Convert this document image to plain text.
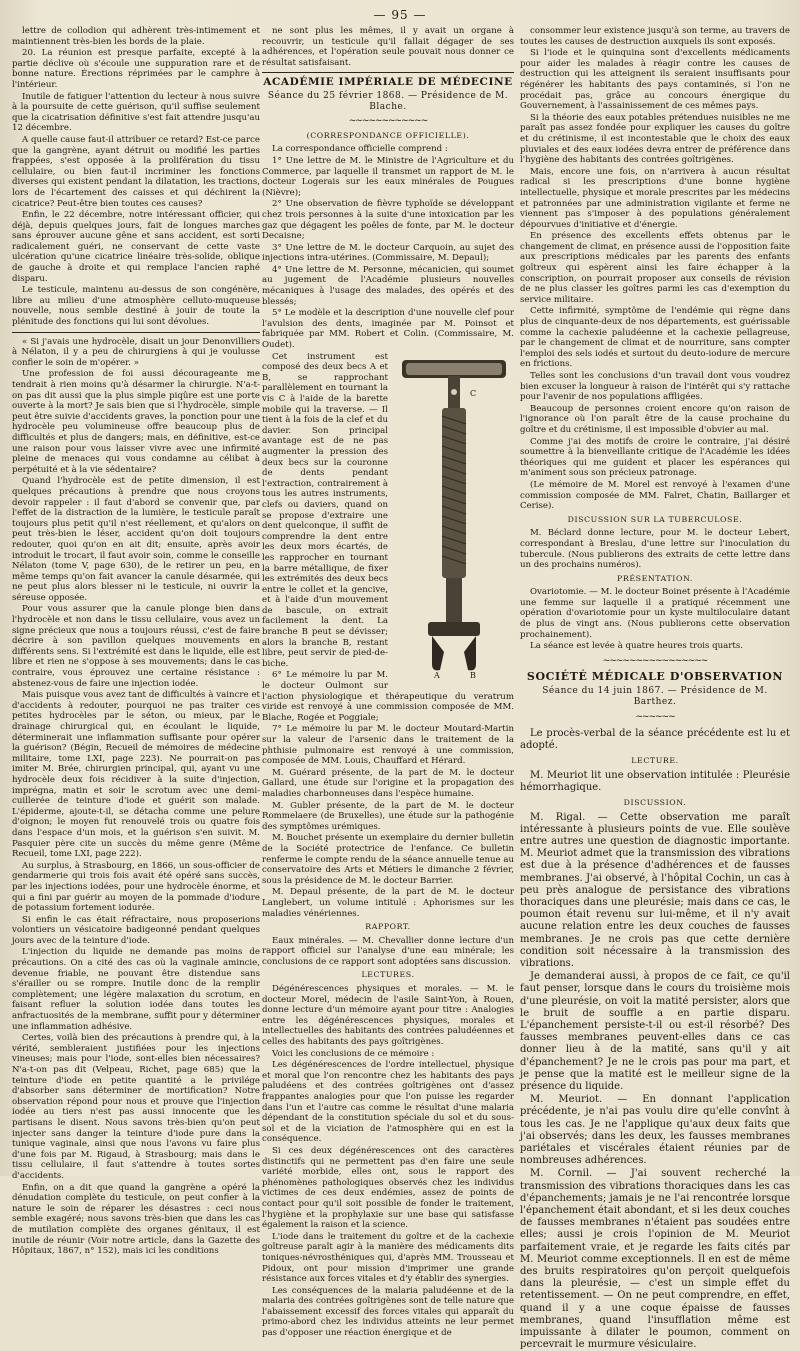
— 95 —

lettre de collodion qui adhèrent très-intimement et maintiennent très-bien les bords de la plaie.

20. La réunion est presque parfaite, excepté à la partie déclive où s'écoule une suppuration rare et de bonne nature. Érections réprimées par le camphre à l'intérieur.

Inutile de fatiguer l'attention du lecteur à nous suivre à la poursuite de cette guérison, qu'il suffise seulement que la cicatrisation définitive s'est fait attendre jusqu'au 12 décembre.

A quelle cause faut-il attribuer ce retard? Est-ce parce que la gangrène, ayant détruit ou modifié les parties frappées, s'est opposée à la prolifération du tissu cellulaire, ou bien faut-il incriminer les fonctions diverses qui existent pendant la dilatation, les tractions, lors de l'écartement des caisses et qui déchirent la cicatrice? Peut-être bien toutes ces causes?

Enfin, le 22 décembre, notre intéressant officier, qui déjà, depuis quelques jours, fait de longues marches sans éprouver aucune gêne et sans accident, est sorti radicalement guéri, ne conservant de cette vaste ulcération qu'une cicatrice linéaire très-solide, oblique de gauche à droite et qui remplace l'ancien raphé disparu.

Le testicule, maintenu au-dessus de son congénère, libre au milieu d'une atmosphère celluto-muqueuse nouvelle, nous semble destiné à jouir de toute la plénitude des fonctions qui lui sont dévolues.

« Si j'avais une hydrocèle, disait un jour Denonvilliers à Nélaton, il y a peu de chirurgiens à qui je voulusse confier le soin de m'opérer. »

Une profession de foi aussi décourageante me tendrait à rien moins qu'à désarmer la chirurgie. N'a-t-on pas dit aussi que la plus simple piqûre est une porte ouverte à la mort? Je sais bien que si l'hydrocèle, simple peut être suivie d'accidents graves, la ponction pour une hydrocèle peu volumineuse offre beaucoup plus de difficultés et plus de dangers; mais, en définitive, est-ce une raison pour vous laisser vivre avec une infirmité pleine de menaces qui vous condamne au célibat à perpétuité et à la vie sédentaire?

Quand l'hydrocèle est de petite dimension, il est quelques précautions à prendre que nous croyons devoir rappeler : il faut d'abord se convenir que, par l'effet de la distraction de la lumière, le testicule paraît toujours plus petit qu'il n'est réellement, et qu'alors on peut très-bien le léser, accident qu'on doit toujours redouter, quoi qu'on en ait dit; ensuite, après avoir introduit le trocart, il faut avoir soin, comme le conseille Nélaton (tome V, page 630), de le retirer un peu, en même temps qu'on fait avancer la canule désarmée, qui ne peut plus alors blesser ni le testicule, ni ouvrir la séreuse opposée.

Pour vous assurer que la canule plonge bien dans l'hydrocèle et non dans le tissu cellulaire, vous avez un signe précieux que nous a toujours réussi, c'est de faire décrire à son pavillon quelques mouvements en différents sens. Si l'extrémité est dans le liquide, elle est libre et rien ne s'oppose à ses mouvements; dans le cas contraire, vous éprouvez une certaine résistance : abstenez-vous de faire une injection iodée.

Mais puisque vous avez tant de difficultés à vaincre et d'accidents à redouter, pourquoi ne pas traiter ces petites hydrocèles par le séton, ou mieux, par le drainage chirurgical qui, en écoulant le liquide, déterminerait une inflammation suffisante pour opérer la guérison? (Bégin, Recueil de mémoires de médecine militaire, tome LXI, page 223). Ne pourrait-on pas imiter M. Brée, chirurgien principal, qui, ayant vu une hydrocèle deux fois récidiver à la suite d'injection, imprégna, matin et soir le scrotum avec une demi-cuillerée de teinture d'iode et guérit son malade. L'épiderme, ajoute-t-il, se détacha comme une pelure d'oignon; le moyen fut renouvelé trois ou quatre fois dans l'espace d'un mois, et la guérison s'en suivit. M. Pasquier père cite un succès du même genre (Même Recueil, tome LXI, page 222).

Au surplus, à Strasbourg, en 1866, un sous-officier de gendarmerie qui trois fois avait été opéré sans succès, par les injections iodées, pour une hydrocèle énorme, et qui a fini par guérir au moyen de la pommade d'iodure de potassium fortement iodurée.

Si enfin le cas était réfractaire, nous proposerions volontiers un vésicatoire badigeonné pendant quelques jours avec de la teinture d'iode.

L'injection du liquide ne demande pas moins de précautions. On a cité des cas où la vaginale amincie, devenue friable, ne pouvant être distendue sans s'érailler ou se rompre. Inutile donc de la remplir complètement; une légère malaxation du scrotum, en faisant refluer la solution iodée dans toutes les anfractuosités de la membrane, suffit pour y déterminer une inflammation adhésive.

Certes, voilà bien des précautions à prendre qui, à la vérité, sembleraient justifiées pour les injections vineuses; mais pour l'iode, sont-elles bien nécessaires? N'a-t-on pas dit (Velpeau, Richet, page 685) que la teinture d'iode en petite quantité a le privilége d'absorber sans déterminer de mortification? Notre observation répond pour nous et prouve que l'injection iodée au tiers n'est pas aussi innocente que les partisans le disent. Nous savons très-bien qu'on peut injecter sans danger la teinture d'iode pure dans la tunique vaginale, ainsi que nous l'avons vu faire plus d'une fois par M. Rigaud, à Strasbourg; mais dans le tissu cellulaire, il faut s'attendre à toutes sortes d'accidents.

Enfin, on a dit que quand la gangrène a opéré la dénudation complète du testicule, on peut confier à la nature le soin de réparer les désastres : ceci nous semble exagéré; nous savons très-bien que dans les cas de mutilation complète des organes génitaux, il est inutile de réunir (Voir notre article, dans la Gazette des Hôpitaux, 1867, n° 152), mais ici les conditions

ne sont plus les mêmes, il y avait un organe à recouvrir, un testicule qu'il fallait dégager de ses adhérences, et l'opération seule pouvait nous donner ce résultat satisfaisant.

ACADÉMIE IMPÉRIALE DE MÉDECINE
Séance du 25 février 1868. — Présidence de M. Blache.
~~~~~~~~~~~~
(CORRESPONDANCE OFFICIELLE).

La correspondance officielle comprend :

1° Une lettre de M. le Ministre de l'Agriculture et du Commerce, par laquelle il transmet un rapport de M. le docteur Logerais sur les eaux minérales de Pougues (Nièvre);

2° Une observation de fièvre typhoïde se développant chez trois personnes à la suite d'une intoxication par les gaz que dégagent les poêles de fonte, par M. le docteur Decaisne;

3° Une lettre de M. le docteur Carquoin, au sujet des injections intra-utérines. (Commissaire, M. Depaul);

4° Une lettre de M. Personne, mécanicien, qui soumet au jugement de l'Académie plusieurs nouvelles mécaniques à l'usage des malades, des opérés et des blessés;

5° Le modèle et la description d'une nouvelle clef pour l'avulsion des dents, imaginée par M. Poinsot et fabriquée par MM. Robert et Colin. (Commissaire, M. Oudet).

A	B
C

Cet instrument est composé des deux becs A et B, se rapprochant parallèlement en tournant la vis C à l'aide de la barette mobile qui la traverse. — Il tient à la fois de la clef et du davier. Son principal avantage est de ne pas augmenter la pression des deux becs sur la couronne de dents pendant l'extraction, contrairement à tous les autres instruments, clefs ou daviers, quand on se propose d'extraire une dent quelconque, il suffit de comprendre la dent entre les deux mors écartés, de les rapprocher en tournant la barre métallique, de fixer les extrémités des deux becs entre le collet et la gencive, et à l'aide d'un mouvement de bascule, on extrait facilement la dent. La branche B peut se dévisser; alors la branche B, restant libre, peut servir de pied-de-biche.

6° Le mémoire lu par M. le docteur Oulmont sur l'action physiologique et thérapeutique du veratrum viride est renvoyé à une commission composée de MM. Blache, Rogée et Poggiale;

7° Le mémoire lu par M. le docteur Moutard-Martin sur la valeur de l'arsenic dans le traitement de la phthisie pulmonaire est renvoyé à une commission, composée de MM. Louis, Chauffard et Hérard.

M. Guérard présente, de la part de M. le docteur Gallard, une étude sur l'origine et la propagation des maladies charbonneuses dans l'espèce humaine.

M. Gubler présente, de la part de M. le docteur Rommelaere (de Bruxelles), une étude sur la pathogénie des symptômes urémiques.

M. Bouchet présente un exemplaire du dernier bulletin de la Société protectrice de l'enfance. Ce bulletin renferme le compte rendu de la séance annuelle tenue au conservatoire des Arts et Métiers le dimanche 2 février, sous la présidence de M. le docteur Barrier.

M. Depaul présente, de la part de M. le docteur Langlebert, un volume intitulé : Aphorismes sur les maladies vénériennes.

RAPPORT.

Eaux minérales. — M. Chevallier donne lecture d'un rapport officiel sur l'analyse d'une eau minérale; les conclusions de ce rapport sont adoptées sans discussion.

LECTURES.

Dégénérescences physiques et morales. — M. le docteur Morel, médecin de l'asile Saint-Yon, à Rouen, donne lecture d'un mémoire ayant pour titre : Analogies entre les dégénérescences physiques, morales et intellectuelles des habitants des contrées paludéennes et celles des habitants des pays goîtrigènes.

Voici les conclusions de ce mémoire :

Les dégénérescences de l'ordre intellectuel, physique et moral que l'on rencontre chez les habitants des pays paludéens et des contrées goîtrigènes ont d'assez frappantes analogies pour que l'on puisse les regarder dans l'un et l'autre cas comme le résultat d'une malaria dépendant de la constitution spéciale du sol et du sous-sol et de la viciation de l'atmosphère qui en est la conséquence.

Si ces deux dégénérescences ont des caractères distinctifs qui ne permettent pas d'en faire une seule variété morbide, elles ont, sous le rapport des phénomènes pathologiques observés chez les individus victimes de ces deux endémies, assez de points de contact pour qu'il soit possible de fonder le traitement, l'hygiène et la prophylaxie sur une base qui satisfasse également la raison et la science.

L'iode dans le traitement du goître et de la cachexie goîtreuse paraît agir à la manière des médicaments dits toniques-névrosthéniques qui, d'après MM. Trousseau et Pidoux, ont pour mission d'imprimer une grande résistance aux forces vitales et d'y établir des synergies.

Les conséquences de la malaria paludéenne et de la malaria des contrées goîtrigènes sont de telle nature que l'abaissement excessif des forces vitales qui apparaît du primo-abord chez les individus atteints ne leur permet pas d'opposer une réaction énergique et de

consommer leur existence jusqu'à son terme, au travers de toutes les causes de destruction auxquels ils sont exposés.

Si l'iode et le quinquina sont d'excellents médicaments pour aider les malades à réagir contre les causes de destruction qui les atteignent ils seraient insuffisants pour régénérer les habitants des pays contaminés, si l'on ne procédait pas, grâce au concours énergique du Gouvernement, à l'assainissement de ces mêmes pays.

Si la théorie des eaux potables prétendues nuisibles ne me paraît pas assez fondée pour expliquer les causes du goître et du crétinisme, il est incontestable que le choix des eaux pluviales et des eaux iodées devra entrer de préférence dans l'hygiène des habitants des contrées goîtrigènes.

Mais, encore une fois, on n'arrivera à aucun résultat radical si les prescriptions d'une bonne hygiène intellectuelle, physique et morale prescrites par les médecins et patronnées par une administration vigilante et ferme ne viennent pas s'imposer à des populations généralement dépourvues d'initiative et d'énergie.

En présence des excellents effets obtenus par le changement de climat, en présence aussi de l'opposition faite aux prescriptions médicales par les parents des enfants goîtreux qui espèrent ainsi les faire échapper à la conscription, on pourrait proposer aux conseils de révision de ne plus classer les goîtres parmi les cas d'exemption du service militaire.

Cette infirmité, symptôme de l'endémie qui règne dans plus de cinquante-deux de nos départements, est guérissable comme la cachexie paludéenne et la cachexie pellagreuse, par le changement de climat et de nourriture, sans compter l'emploi des sels iodés et surtout du deuto-iodure de mercure en frictions.

Telles sont les conclusions d'un travail dont vous voudrez bien excuser la longueur à raison de l'intérêt qui s'y rattache pour l'avenir de nos populations affligées.

Beaucoup de personnes croient encore qu'on raison de l'ignorance où l'on paraît être de la cause prochaine du goître et du crétinisme, il est impossible d'obvier au mal.

Comme j'ai des motifs de croire le contraire, j'ai désiré soumettre à la bienveillante critique de l'Académie les idées théoriques qui me guident et placer les espérances qui m'animent sous son précieux patronage.

(Le mémoire de M. Morel est renvoyé à l'examen d'une commission composée de MM. Falret, Chatin, Baillarger et Cerise).

DISCUSSION SUR LA TUBERCULOSE.

M. Béclard donne lecture, pour M. le docteur Lebert, correspondant à Breslau, d'une lettre sur l'inoculation du tubercule. (Nous publierons des extraits de cette lettre dans un des prochains numéros).

PRÉSENTATION.

Ovariotomie. — M. le docteur Boinet présente à l'Académie une femme sur laquelle il a pratiqué récemment une opération d'ovariotomie pour un kyste multiloculaire datant de plus de vingt ans. (Nous publierons cette observation prochainement).

La séance est levée à quatre heures trois quarts.

~~~~~~~~~~~~~~~~
SOCIÉTÉ MÉDICALE D'OBSERVATION
Séance du 14 juin 1867. — Présidence de M. Barthez.
~~~~~~

Le procès-verbal de la séance précédente est lu et adopté.

LECTURE.

M. Meuriot lit une observation intitulée : Pleurésie hémorrhagique.

DISCUSSION.

M. Rigal. — Cette observation me paraît intéressante à plusieurs points de vue. Elle soulève entre autres une question de diagnostic importante. M. Meuriot admet que la transmission des vibrations est due à la présence d'adhérences et de fausses membranes. J'ai observé, à l'hôpital Cochin, un cas à peu près analogue de persistance des vibrations thoraciques dans une pleurésie; mais dans ce cas, le poumon était revenu sur lui-même, et il n'y avait aucune relation entre les deux couches de fausses membranes. Je ne crois pas que cette dernière condition soit nécessaire à la transmission des vibrations.

Je demanderai aussi, à propos de ce fait, ce qu'il faut penser, lorsque dans le cours du troisième mois d'une pleurésie, on voit la matité persister, alors que le bruit de souffle a en partie disparu. L'épanchement persiste-t-il ou est-il résorbé? Des fausses membranes peuvent-elles dans ce cas donner lieu à de la matité, sans qu'il y ait d'épanchement? Je ne le crois pas pour ma part, et je pense que la matité est le meilleur signe de la présence du liquide.

M. Meuriot. — En donnant l'application précédente, je n'ai pas voulu dire qu'elle convînt à tous les cas. Je ne l'applique qu'aux deux faits que j'ai observés; dans les deux, les fausses membranes pariétales et viscérales étaient réunies par de nombreuses adhérences.

M. Cornil. — J'ai souvent recherché la transmission des vibrations thoraciques dans les cas d'épanchements; jamais je ne l'ai rencontrée lorsque l'épanchement était abondant, et si les deux couches de fausses membranes n'étaient pas soudées entre elles; aussi je crois l'opinion de M. Meuriot parfaitement vraie, et je regarde les faits cités par M. Meuriot comme exceptionnels. Il en est de même des bruits respiratoires qu'on perçoit quelquefois dans la pleurésie, — c'est un simple effet du retentissement. — On ne peut comprendre, en effet, quand il y a une coque épaisse de fausses membranes, quand l'insufflation même est impuissante à dilater le poumon, comment on percevrait le murmure vésiculaire.
